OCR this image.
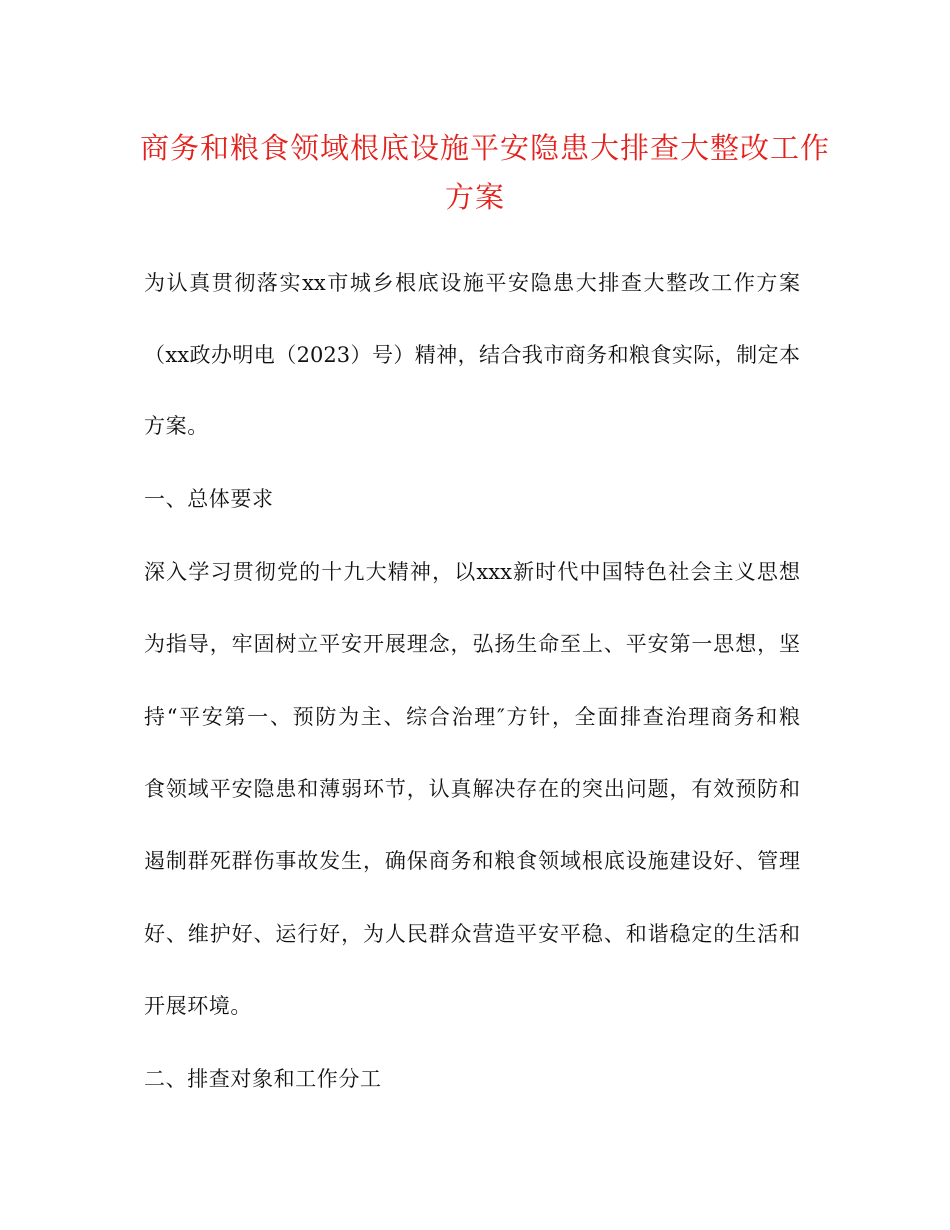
商务和粮食领域根底设施平安隐患大排查大整改工作
方案
为认真贯彻落实xx市城乡根底设施平安隐患大排查大整改工作方案
（xx政办明电（2023）号）精神，结合我市商务和粮食实际，制定本
方案。
一、总体要求
深入学习贯彻党的十九大精神，以xxx新时代中国特色社会主义思想
为指导，牢固树立平安开展理念，弘扬生命至上、平安第一思想，坚
持“平安第一、预防为主、综合治理″方针，全面排查治理商务和粮
食领域平安隐患和薄弱环节，认真解决存在的突出问题，有效预防和
遏制群死群伤事故发生，确保商务和粮食领域根底设施建设好、管理
好、维护好、运行好，为人民群众营造平安平稳、和谐稳定的生活和
开展环境。
二、排查对象和工作分工
